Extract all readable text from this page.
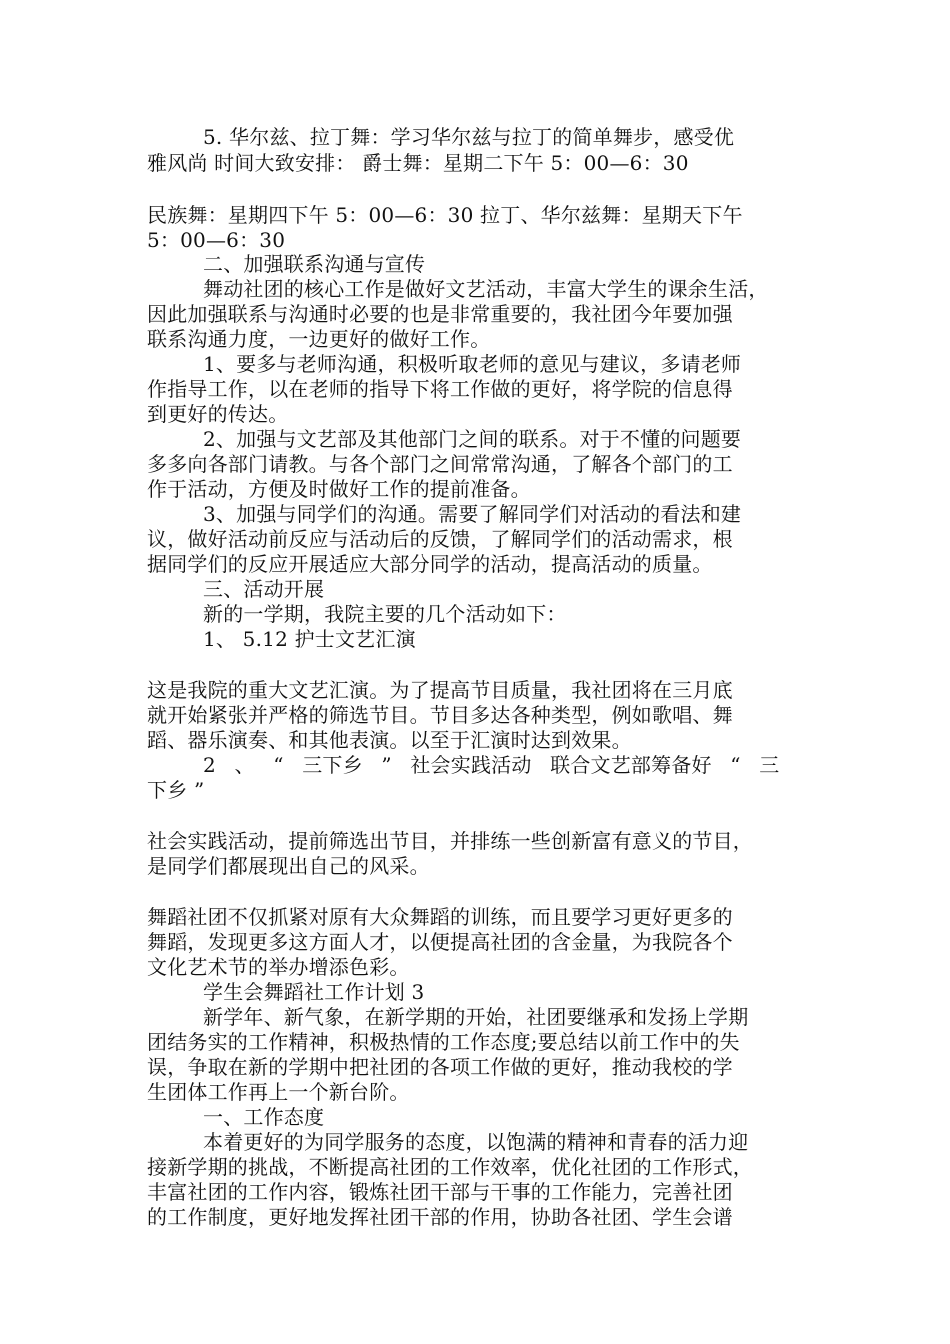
5. 华尔兹、拉丁舞：学习华尔兹与拉丁的简单舞步，感受优
雅风尚 时间大致安排： 爵士舞：星期二下午 5：00—6：30
民族舞：星期四下午 5：00—6：30 拉丁、华尔兹舞：星期天下午
5：00—6：30
二、加强联系沟通与宣传
舞动社团的核心工作是做好文艺活动，丰富大学生的课余生活，
因此加强联系与沟通时必要的也是非常重要的，我社团今年要加强
联系沟通力度，一边更好的做好工作。
1、要多与老师沟通，积极听取老师的意见与建议，多请老师
作指导工作，以在老师的指导下将工作做的更好，将学院的信息得
到更好的传达。
2、加强与文艺部及其他部门之间的联系。对于不懂的问题要
多多向各部门请教。与各个部门之间常常沟通，了解各个部门的工
作于活动，方便及时做好工作的提前准备。
3、加强与同学们的沟通。需要了解同学们对活动的看法和建
议，做好活动前反应与活动后的反馈，了解同学们的活动需求，根
据同学们的反应开展适应大部分同学的活动，提高活动的质量。
三、活动开展
新的一学期，我院主要的几个活动如下：
1、 5.12 护士文艺汇演
这是我院的重大文艺汇演。为了提高节目质量，我社团将在三月底
就开始紧张并严格的筛选节目。节目多达各种类型，例如歌唱、舞
蹈、器乐演奏、和其他表演。以至于汇演时达到效果。
2 、 “ 三下乡 ” 社会实践活动 联合文艺部筹备好 “ 三
下乡 ”
社会实践活动，提前筛选出节目，并排练一些创新富有意义的节目，
是同学们都展现出自己的风采。
舞蹈社团不仅抓紧对原有大众舞蹈的训练，而且要学习更好更多的
舞蹈，发现更多这方面人才，以便提高社团的含金量，为我院各个
文化艺术节的举办增添色彩。
学生会舞蹈社工作计划 3
新学年、新气象，在新学期的开始，社团要继承和发扬上学期
团结务实的工作精神，积极热情的工作态度;要总结以前工作中的失
误，争取在新的学期中把社团的各项工作做的更好，推动我校的学
生团体工作再上一个新台阶。
一、工作态度
本着更好的为同学服务的态度，以饱满的精神和青春的活力迎
接新学期的挑战，不断提高社团的工作效率，优化社团的工作形式，
丰富社团的工作内容，锻炼社团干部与干事的工作能力，完善社团
的工作制度，更好地发挥社团干部的作用，协助各社团、学生会谱
